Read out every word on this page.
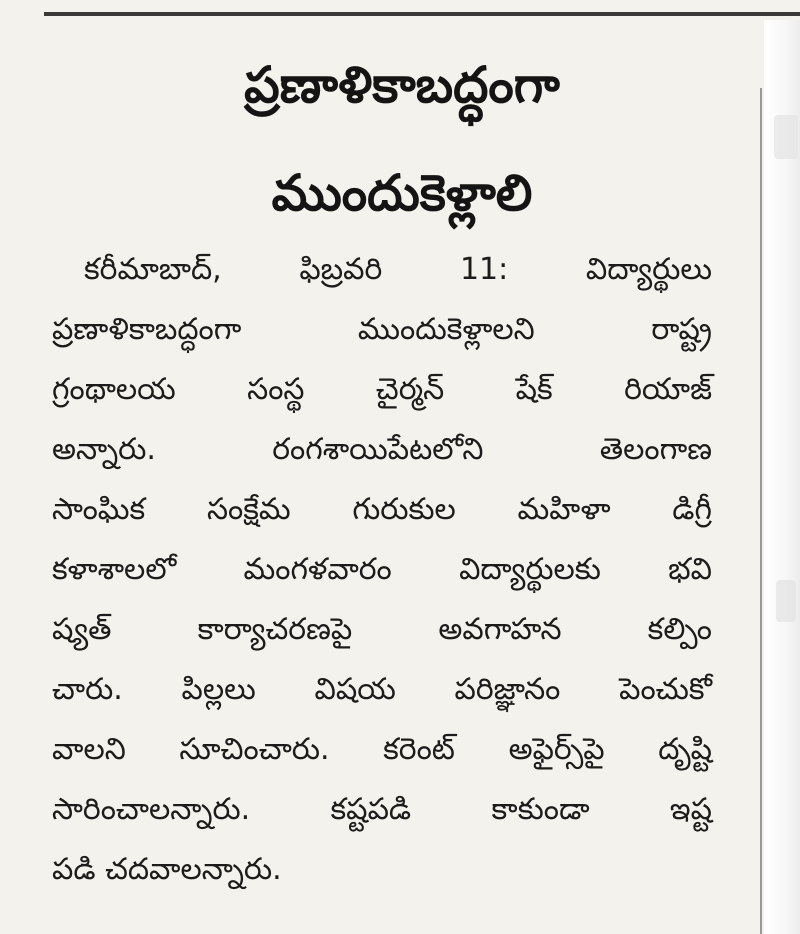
ప్రణాళికాబద్ధంగా
ముందుకెళ్లాలి
కరీమాబాద్, ఫిబ్రవరి 11: విద్యార్థులు
ప్రణాళికాబద్ధంగా ముందుకెళ్లాలని రాష్ట్ర
గ్రంథాలయ సంస్థ చైర్మన్ షేక్ రియాజ్
అన్నారు. రంగశాయిపేటలోని తెలంగాణ
సాంఘిక సంక్షేమ గురుకుల మహిళా డిగ్రీ
కళాశాలలో మంగళవారం విద్యార్థులకు భవి
ష్యత్ కార్యాచరణపై అవగాహన కల్పిం
చారు. పిల్లలు విషయ పరిజ్ఞానం పెంచుకో
వాలని సూచించారు. కరెంట్ అఫైర్స్‌పై దృష్టి
సారించాలన్నారు. కష్టపడి కాకుండా ఇష్ట
పడి చదవాలన్నారు.
